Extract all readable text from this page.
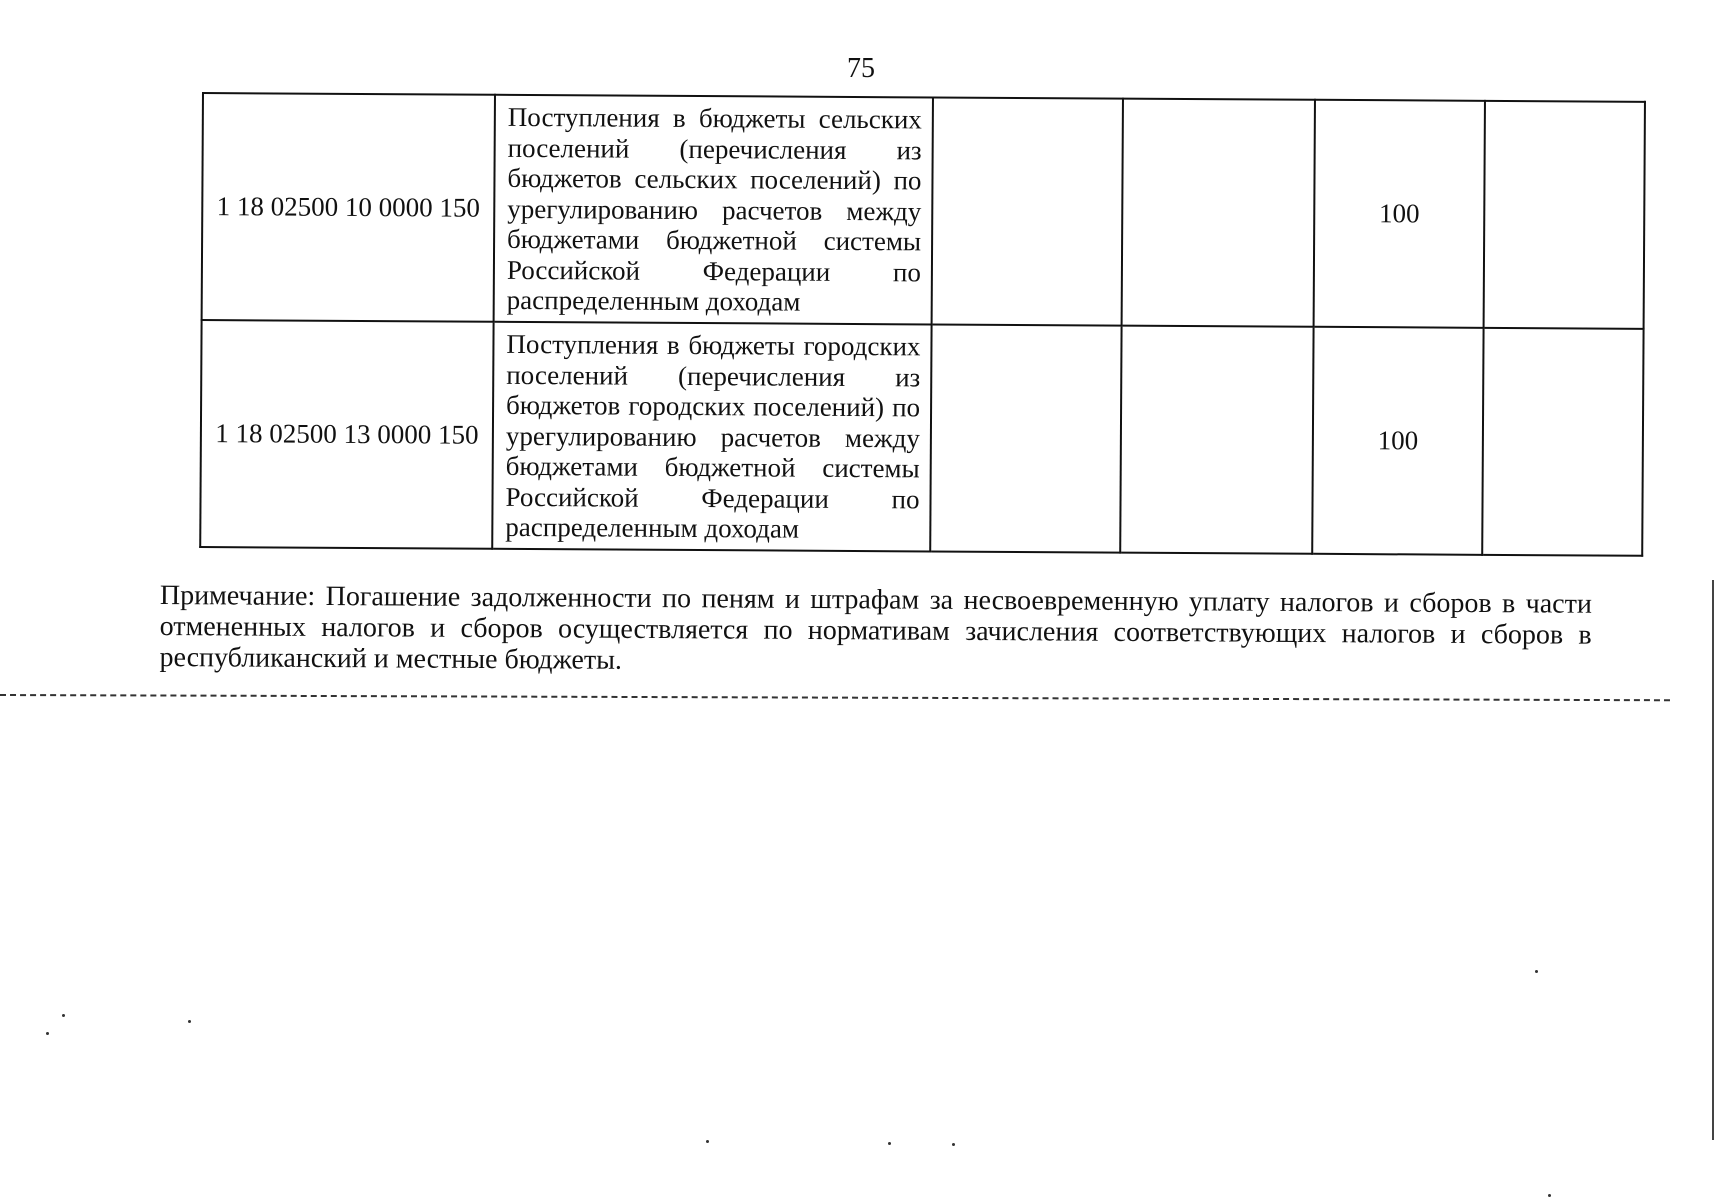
75
1 18 02500 10 0000 150	Поступления в бюджеты сельских поселений (перечисления из бюджетов сельских поселений) по урегулированию расчетов между бюджетами бюджетной системы Российской Федерации по распределенным доходам			100	
1 18 02500 13 0000 150	Поступления в бюджеты городских поселений (перечисления из бюджетов городских поселений) по урегулированию расчетов между бюджетами бюджетной системы Российской Федерации по распределенным доходам			100	
Примечание: Погашение задолженности по пеням и штрафам за несвоевременную уплату налогов и сборов в части отмененных налогов и сборов осуществляется по нормативам зачисления соответствующих налогов и сборов в республиканский и местные бюджеты.
